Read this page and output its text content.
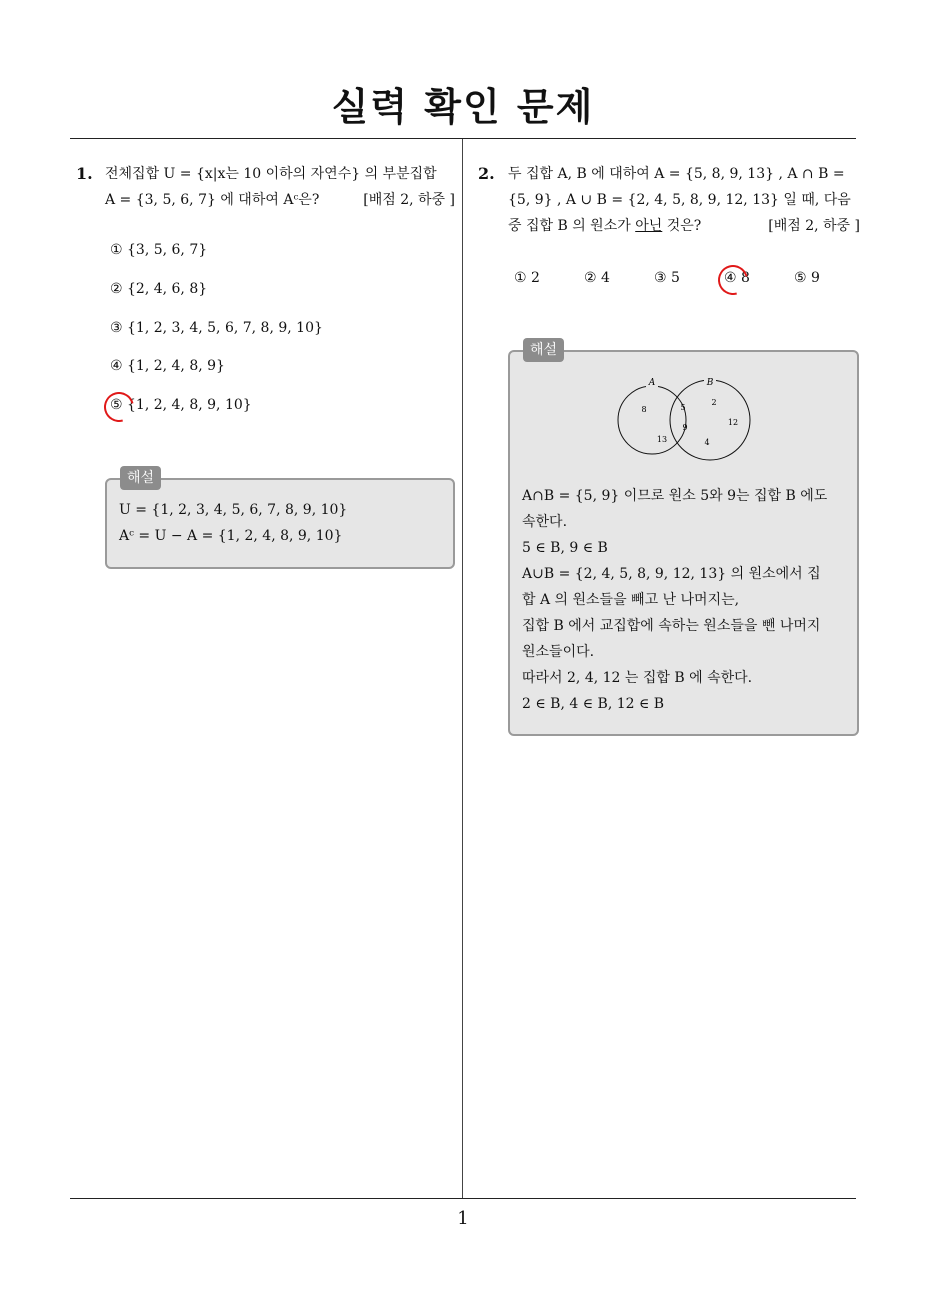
실력 확인 문제
1. 전체집합 U = {x|x는 10 이하의 자연수} 의 부분집합
A = {3, 5, 6, 7} 에 대하여 Aᶜ은?	[배점 2, 하중 ]
① {3, 5, 6, 7}
② {2, 4, 6, 8}
③ {1, 2, 3, 4, 5, 6, 7, 8, 9, 10}
④ {1, 2, 4, 8, 9}
⑤ {1, 2, 4, 8, 9, 10}
U = {1, 2, 3, 4, 5, 6, 7, 8, 9, 10}
Aᶜ = U − A = {1, 2, 4, 8, 9, 10}
해설
2. 두 집합 A, B 에 대하여 A = {5, 8, 9, 13} , A ∩ B =
{5, 9} , A ∪ B = {2, 4, 5, 8, 9, 12, 13} 일 때, 다음
중 집합 B 의 원소가 아닌 것은?	[배점 2, 하중 ]
① 2	② 4	③ 5	④ 8	⑤ 9
A	B
8
13
5
9
2
12
4
A∩B = {5, 9} 이므로 원소 5와 9는 집합 B 에도
속한다.
5 ∈ B, 9 ∈ B
A∪B = {2, 4, 5, 8, 9, 12, 13} 의 원소에서 집
합 A 의 원소들을 빼고 난 나머지는,
집합 B 에서 교집합에 속하는 원소들을 뺀 나머지
원소들이다.
따라서 2, 4, 12 는 집합 B 에 속한다.
2 ∈ B, 4 ∈ B, 12 ∈ B
해설
1
